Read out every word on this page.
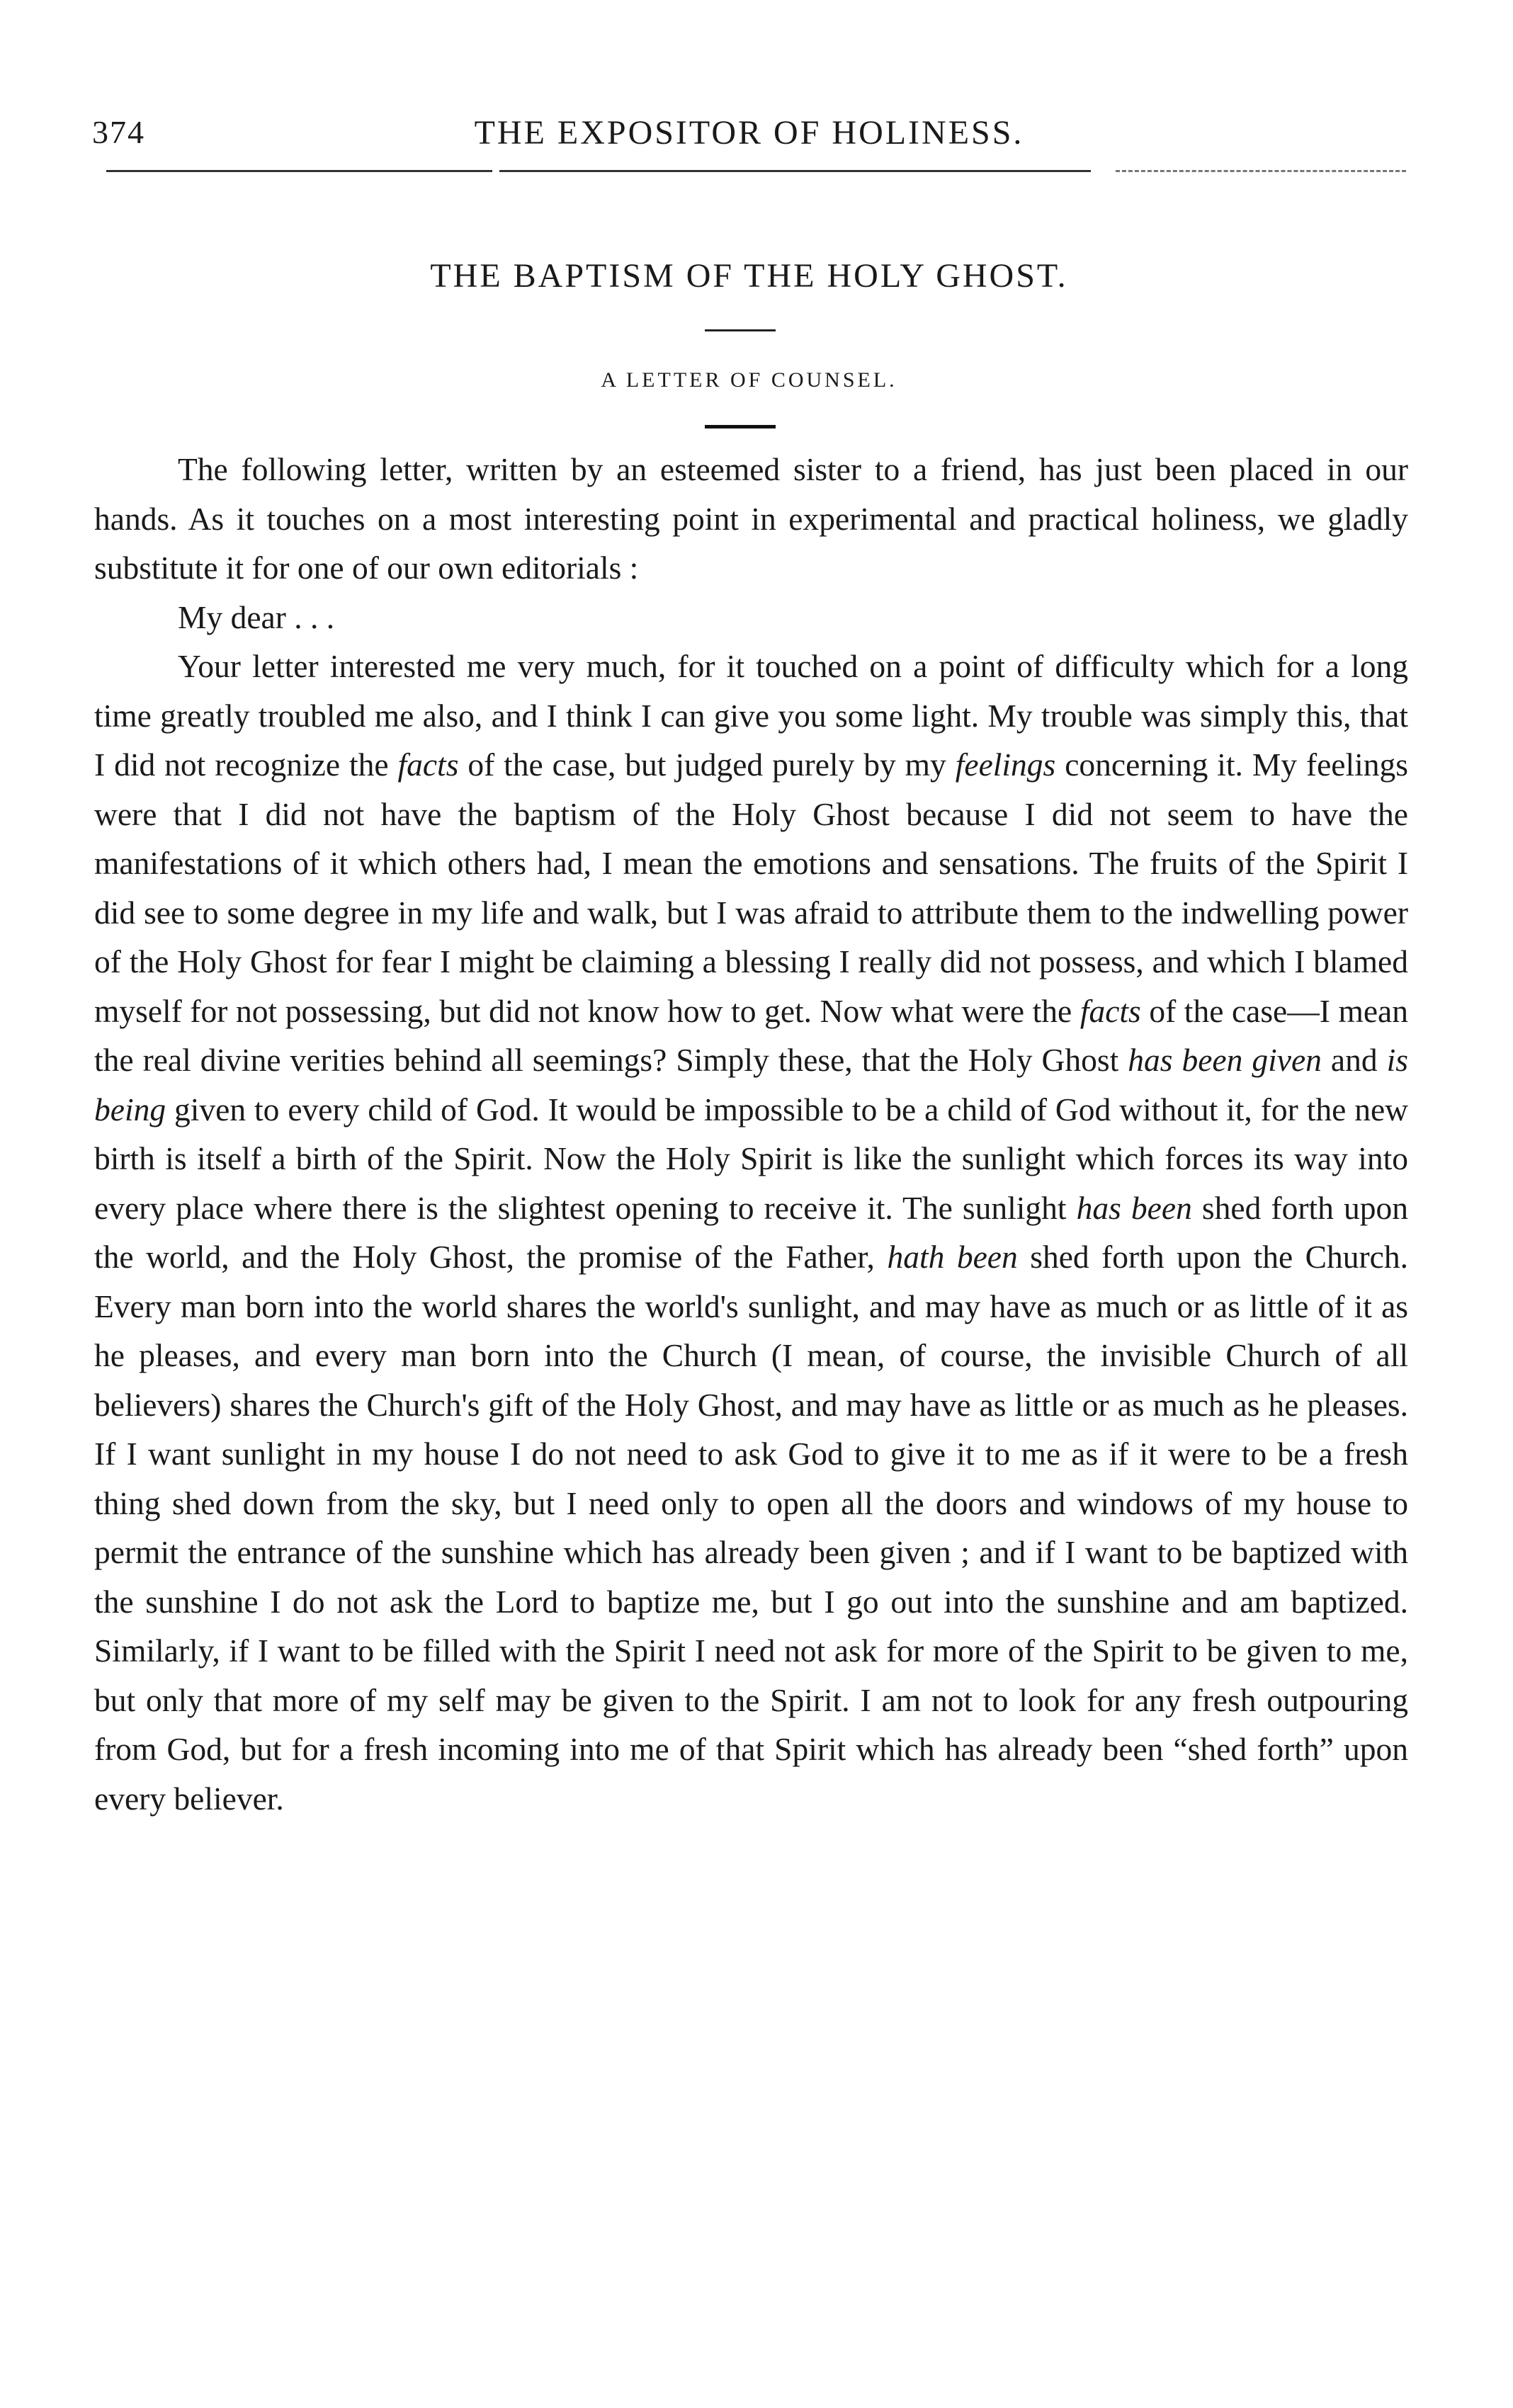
374	THE EXPOSITOR OF HOLINESS.
THE BAPTISM OF THE HOLY GHOST.
A LETTER OF COUNSEL.

The following letter, written by an esteemed sister to a friend, has just been placed in our hands. As it touches on a most interesting point in experimental and practical holiness, we gladly substitute it for one of our own editorials :

My dear . . .

Your letter interested me very much, for it touched on a point of difficulty which for a long time greatly troubled me also, and I think I can give you some light. My trouble was simply this, that I did not recognize the facts of the case, but judged purely by my feelings concerning it. My feelings were that I did not have the baptism of the Holy Ghost because I did not seem to have the manifestations of it which others had, I mean the emotions and sensations. The fruits of the Spirit I did see to some degree in my life and walk, but I was afraid to attribute them to the indwelling power of the Holy Ghost for fear I might be claiming a blessing I really did not possess, and which I blamed myself for not possessing, but did not know how to get. Now what were the facts of the case—I mean the real divine verities behind all seemings? Simply these, that the Holy Ghost has been given and is being given to every child of God. It would be impossible to be a child of God without it, for the new birth is itself a birth of the Spirit. Now the Holy Spirit is like the sunlight which forces its way into every place where there is the slightest opening to receive it. The sunlight has been shed forth upon the world, and the Holy Ghost, the promise of the Father, hath been shed forth upon the Church. Every man born into the world shares the world's sunlight, and may have as much or as little of it as he pleases, and every man born into the Church (I mean, of course, the invisible Church of all believers) shares the Church's gift of the Holy Ghost, and may have as little or as much as he pleases. If I want sunlight in my house I do not need to ask God to give it to me as if it were to be a fresh thing shed down from the sky, but I need only to open all the doors and windows of my house to permit the entrance of the sunshine which has already been given ; and if I want to be baptized with the sunshine I do not ask the Lord to baptize me, but I go out into the sunshine and am baptized. Similarly, if I want to be filled with the Spirit I need not ask for more of the Spirit to be given to me, but only that more of my self may be given to the Spirit. I am not to look for any fresh outpouring from God, but for a fresh incoming into me of that Spirit which has already been “shed forth” upon every believer.
